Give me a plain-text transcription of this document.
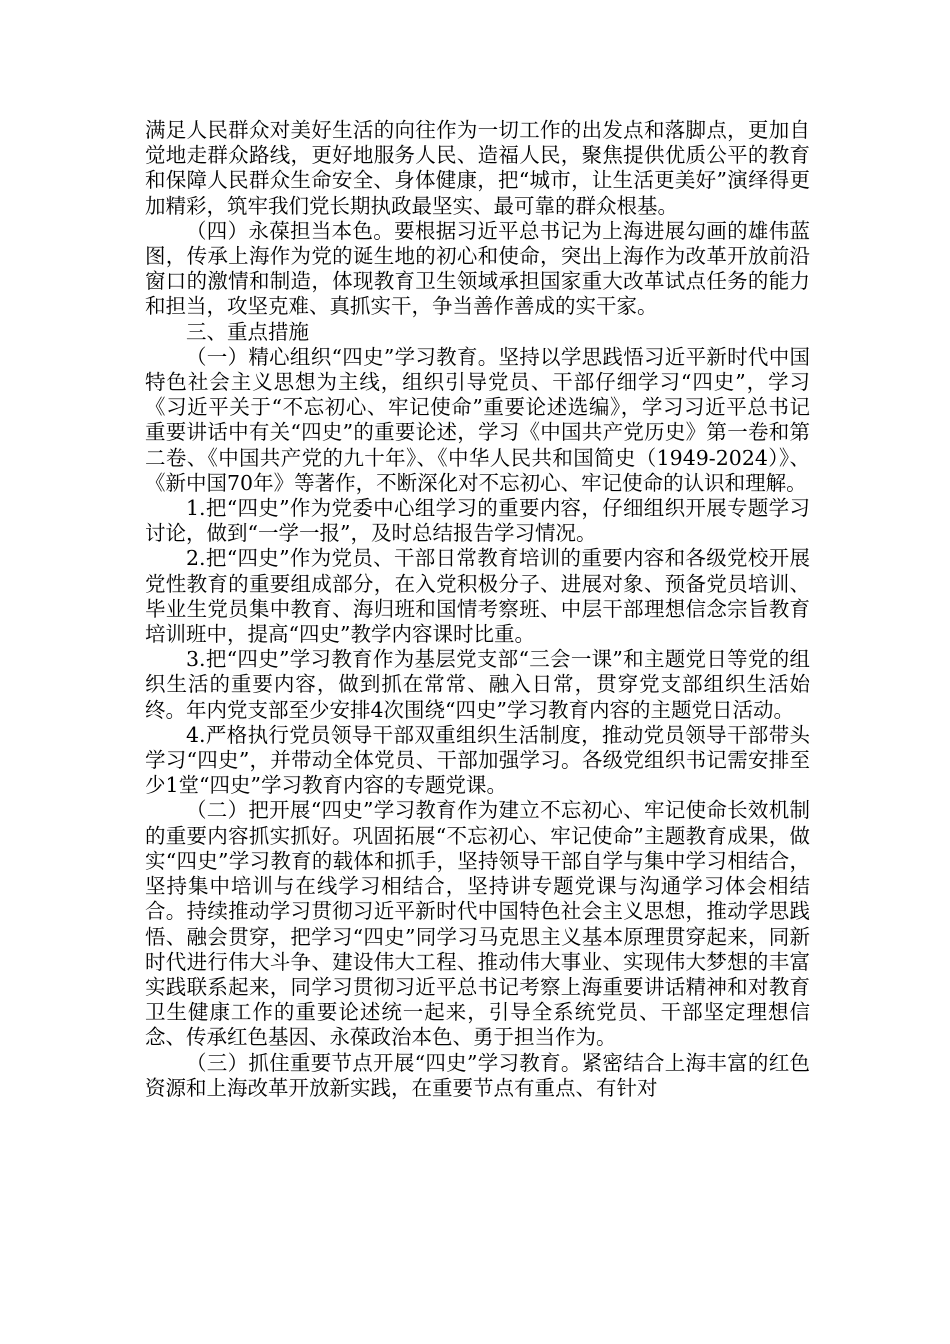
满足人民群众对美好生活的向往作为一切工作的出发点和落脚点，更加自觉地走群众路线，更好地服务人民、造福人民，聚焦提供优质公平的教育和保障人民群众生命安全、身体健康，把“城市，让生活更美好”演绎得更加精彩，筑牢我们党长期执政最坚实、最可靠的群众根基。

（四）永葆担当本色。要根据习近平总书记为上海进展勾画的雄伟蓝图，传承上海作为党的诞生地的初心和使命，突出上海作为改革开放前沿窗口的激情和制造，体现教育卫生领域承担国家重大改革试点任务的能力和担当，攻坚克难、真抓实干，争当善作善成的实干家。

三、重点措施

（一）精心组织“四史”学习教育。坚持以学思践悟习近平新时代中国特色社会主义思想为主线，组织引导党员、干部仔细学习“四史”，学习《习近平关于“不忘初心、牢记使命”重要论述选编》，学习习近平总书记重要讲话中有关“四史”的重要论述，学习《中国共产党历史》第一卷和第二卷、《中国共产党的九十年》、《中华人民共和国简史（1949-2024）》、《新中国70年》等著作，不断深化对不忘初心、牢记使命的认识和理解。

1.把“四史”作为党委中心组学习的重要内容，仔细组织开展专题学习讨论，做到“一学一报”，及时总结报告学习情况。

2.把“四史”作为党员、干部日常教育培训的重要内容和各级党校开展党性教育的重要组成部分，在入党积极分子、进展对象、预备党员培训、毕业生党员集中教育、海归班和国情考察班、中层干部理想信念宗旨教育培训班中，提高“四史”教学内容课时比重。

3.把“四史”学习教育作为基层党支部“三会一课”和主题党日等党的组织生活的重要内容，做到抓在常常、融入日常，贯穿党支部组织生活始终。年内党支部至少安排4次围绕“四史”学习教育内容的主题党日活动。

4.严格执行党员领导干部双重组织生活制度，推动党员领导干部带头学习“四史”，并带动全体党员、干部加强学习。各级党组织书记需安排至少1堂“四史”学习教育内容的专题党课。

（二）把开展“四史”学习教育作为建立不忘初心、牢记使命长效机制的重要内容抓实抓好。巩固拓展“不忘初心、牢记使命”主题教育成果，做实“四史”学习教育的载体和抓手，坚持领导干部自学与集中学习相结合，坚持集中培训与在线学习相结合，坚持讲专题党课与沟通学习体会相结合。持续推动学习贯彻习近平新时代中国特色社会主义思想，推动学思践悟、融会贯穿，把学习“四史”同学习马克思主义基本原理贯穿起来，同新时代进行伟大斗争、建设伟大工程、推动伟大事业、实现伟大梦想的丰富实践联系起来，同学习贯彻习近平总书记考察上海重要讲话精神和对教育卫生健康工作的重要论述统一起来，引导全系统党员、干部坚定理想信念、传承红色基因、永葆政治本色、勇于担当作为。

（三）抓住重要节点开展“四史”学习教育。紧密结合上海丰富的红色资源和上海改革开放新实践，在重要节点有重点、有针对
